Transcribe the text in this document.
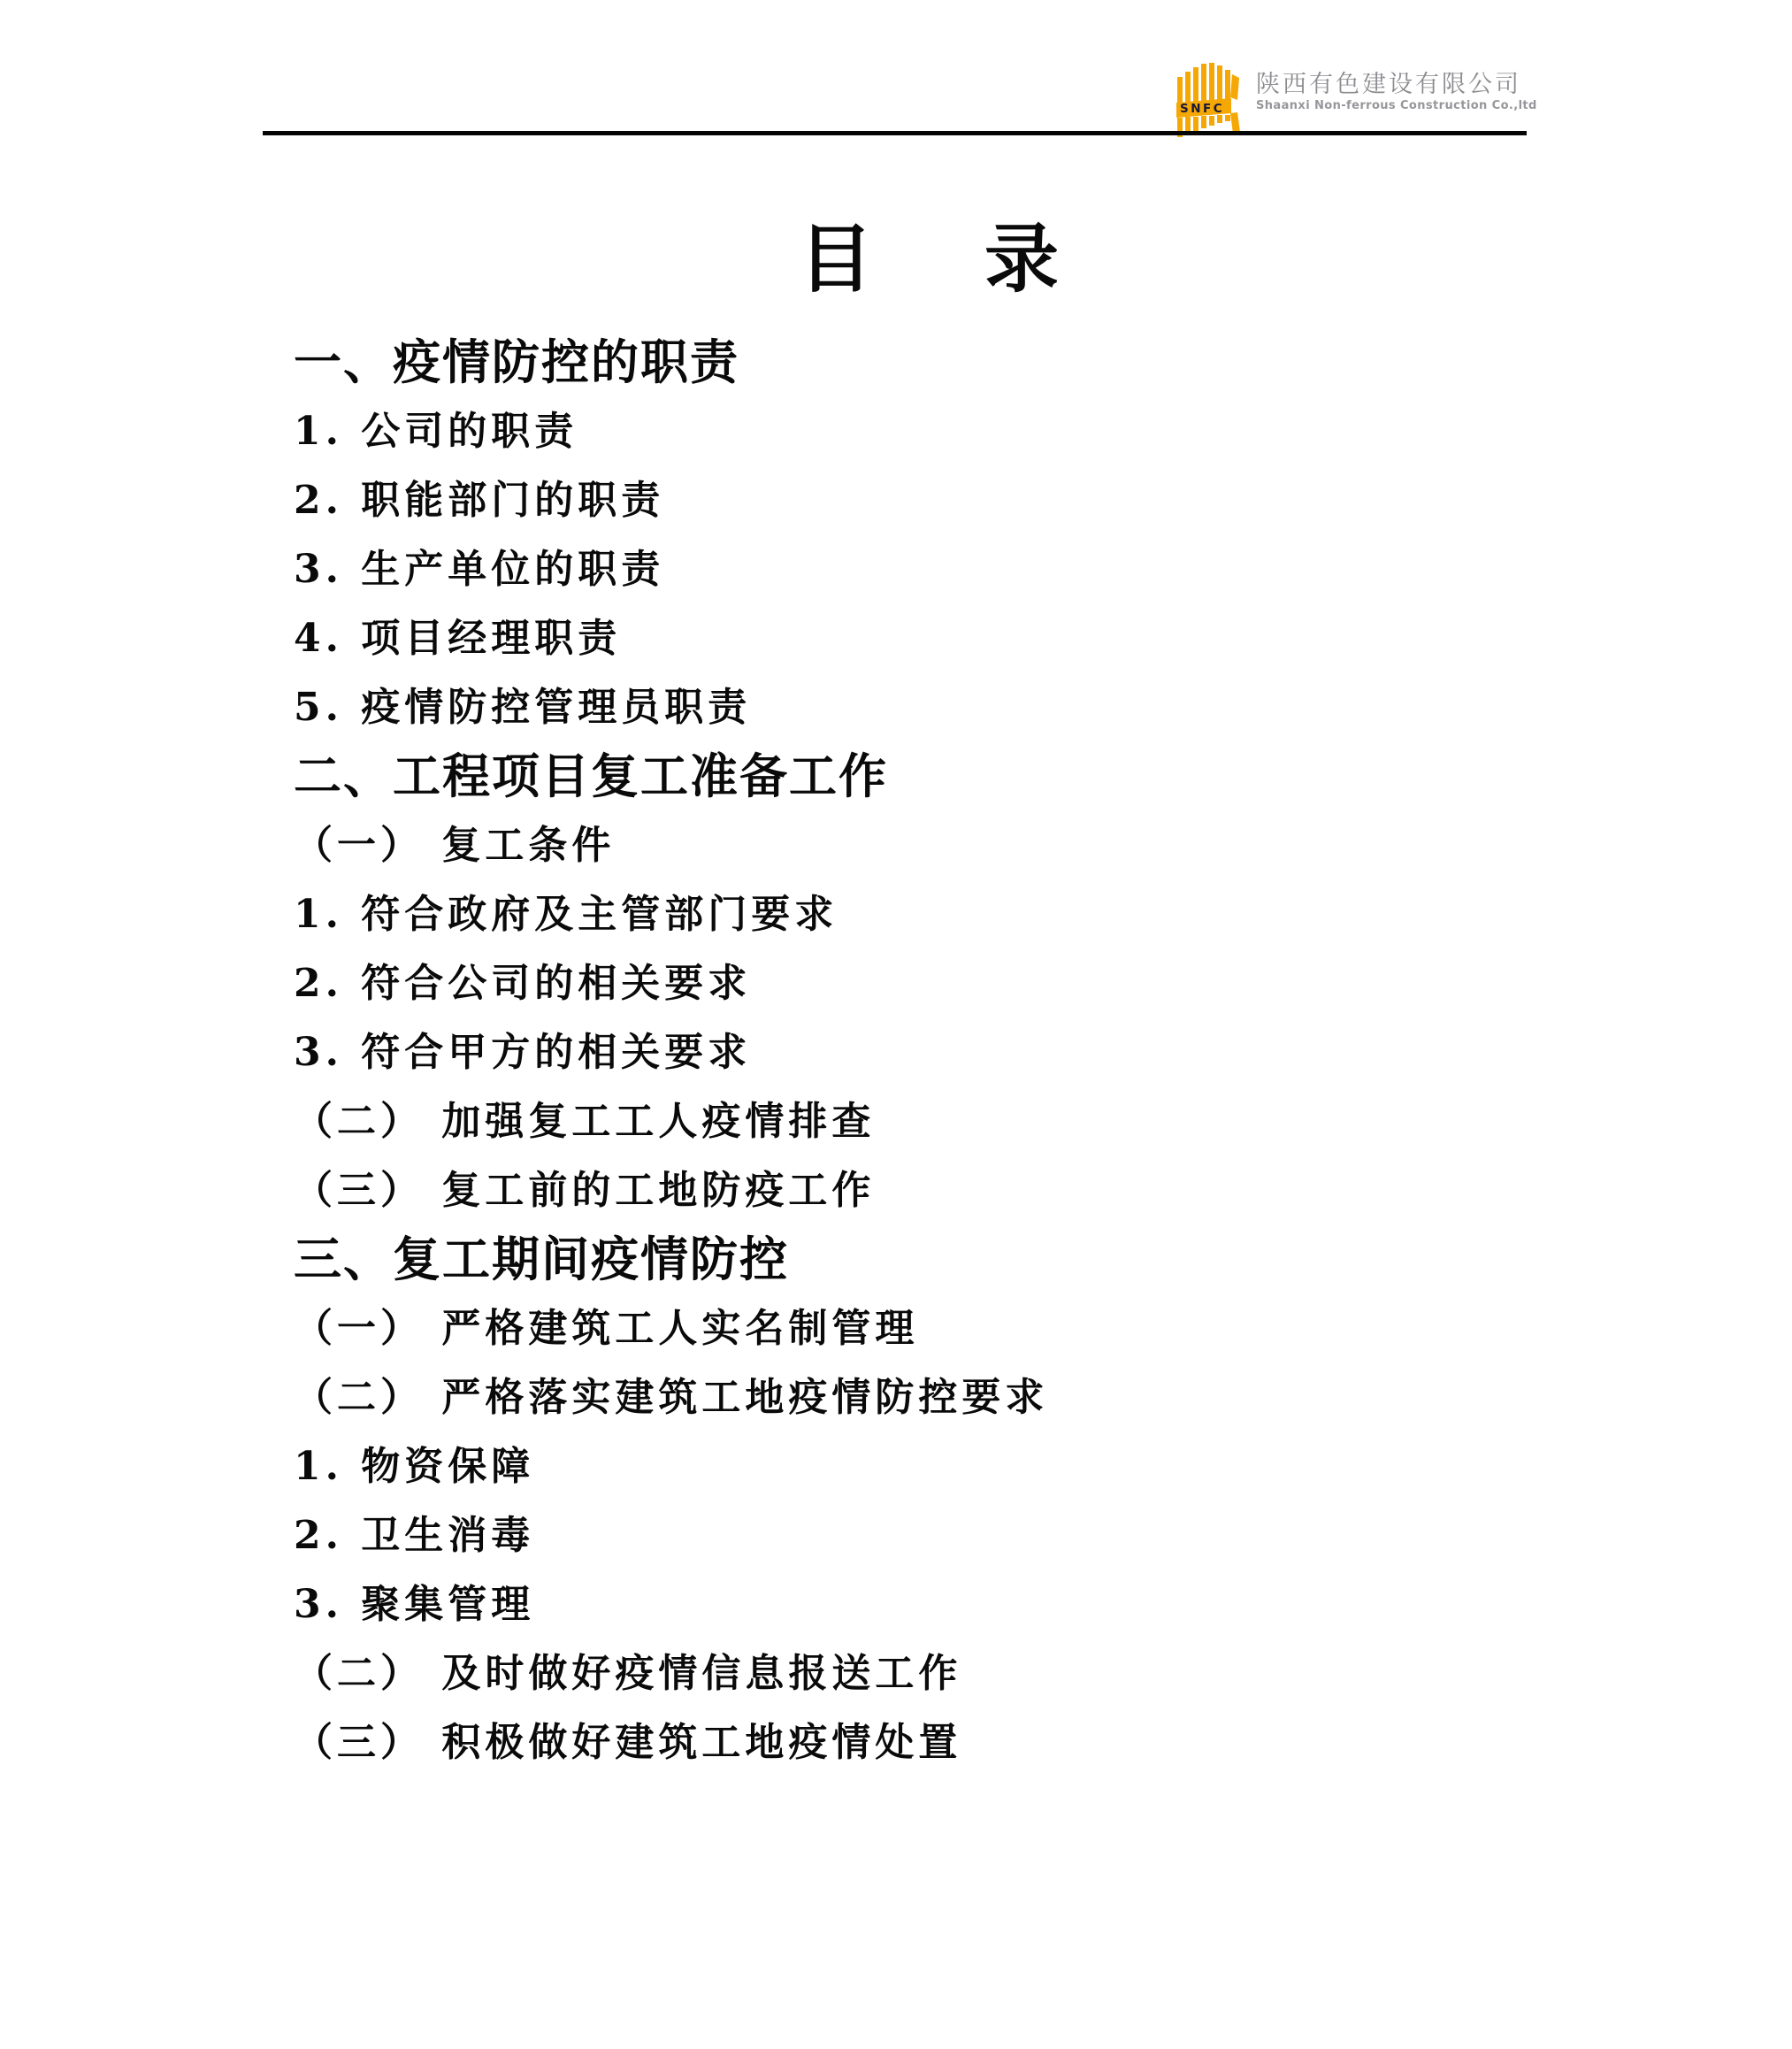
SNFC
陕西有色建设有限公司
Shaanxi Non-ferrous Construction Co.,ltd
目　录
一、疫情防控的职责
1. 公司的职责
2. 职能部门的职责
3. 生产单位的职责
4. 项目经理职责
5. 疫情防控管理员职责
二、工程项目复工准备工作
（一） 复工条件
1. 符合政府及主管部门要求
2. 符合公司的相关要求
3. 符合甲方的相关要求
（二） 加强复工工人疫情排查
（三） 复工前的工地防疫工作
三、复工期间疫情防控
（一） 严格建筑工人实名制管理
（二） 严格落实建筑工地疫情防控要求
1. 物资保障
2. 卫生消毒
3. 聚集管理
（二） 及时做好疫情信息报送工作
（三） 积极做好建筑工地疫情处置
